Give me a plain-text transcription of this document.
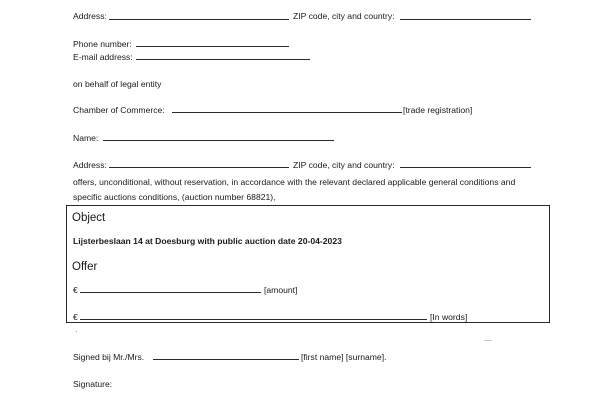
Address:	ZIP code, city and country:
Phone number:
E-mail address:
on behalf of legal entity
Chamber of Commerce:	[trade registration]
Name:
Address:	ZIP code, city and country:
offers, unconditional, without reservation, in accordance with the relevant declared applicable general conditions and
specific auctions conditions, (auction number 68821),
Object
Lijsterbeslaan 14 at Doesburg with public auction date 20-04-2023
Offer
€	[amount]
€	[In words]
Signed bij Mr./Mrs.	[first name] [surname].
Signature:
